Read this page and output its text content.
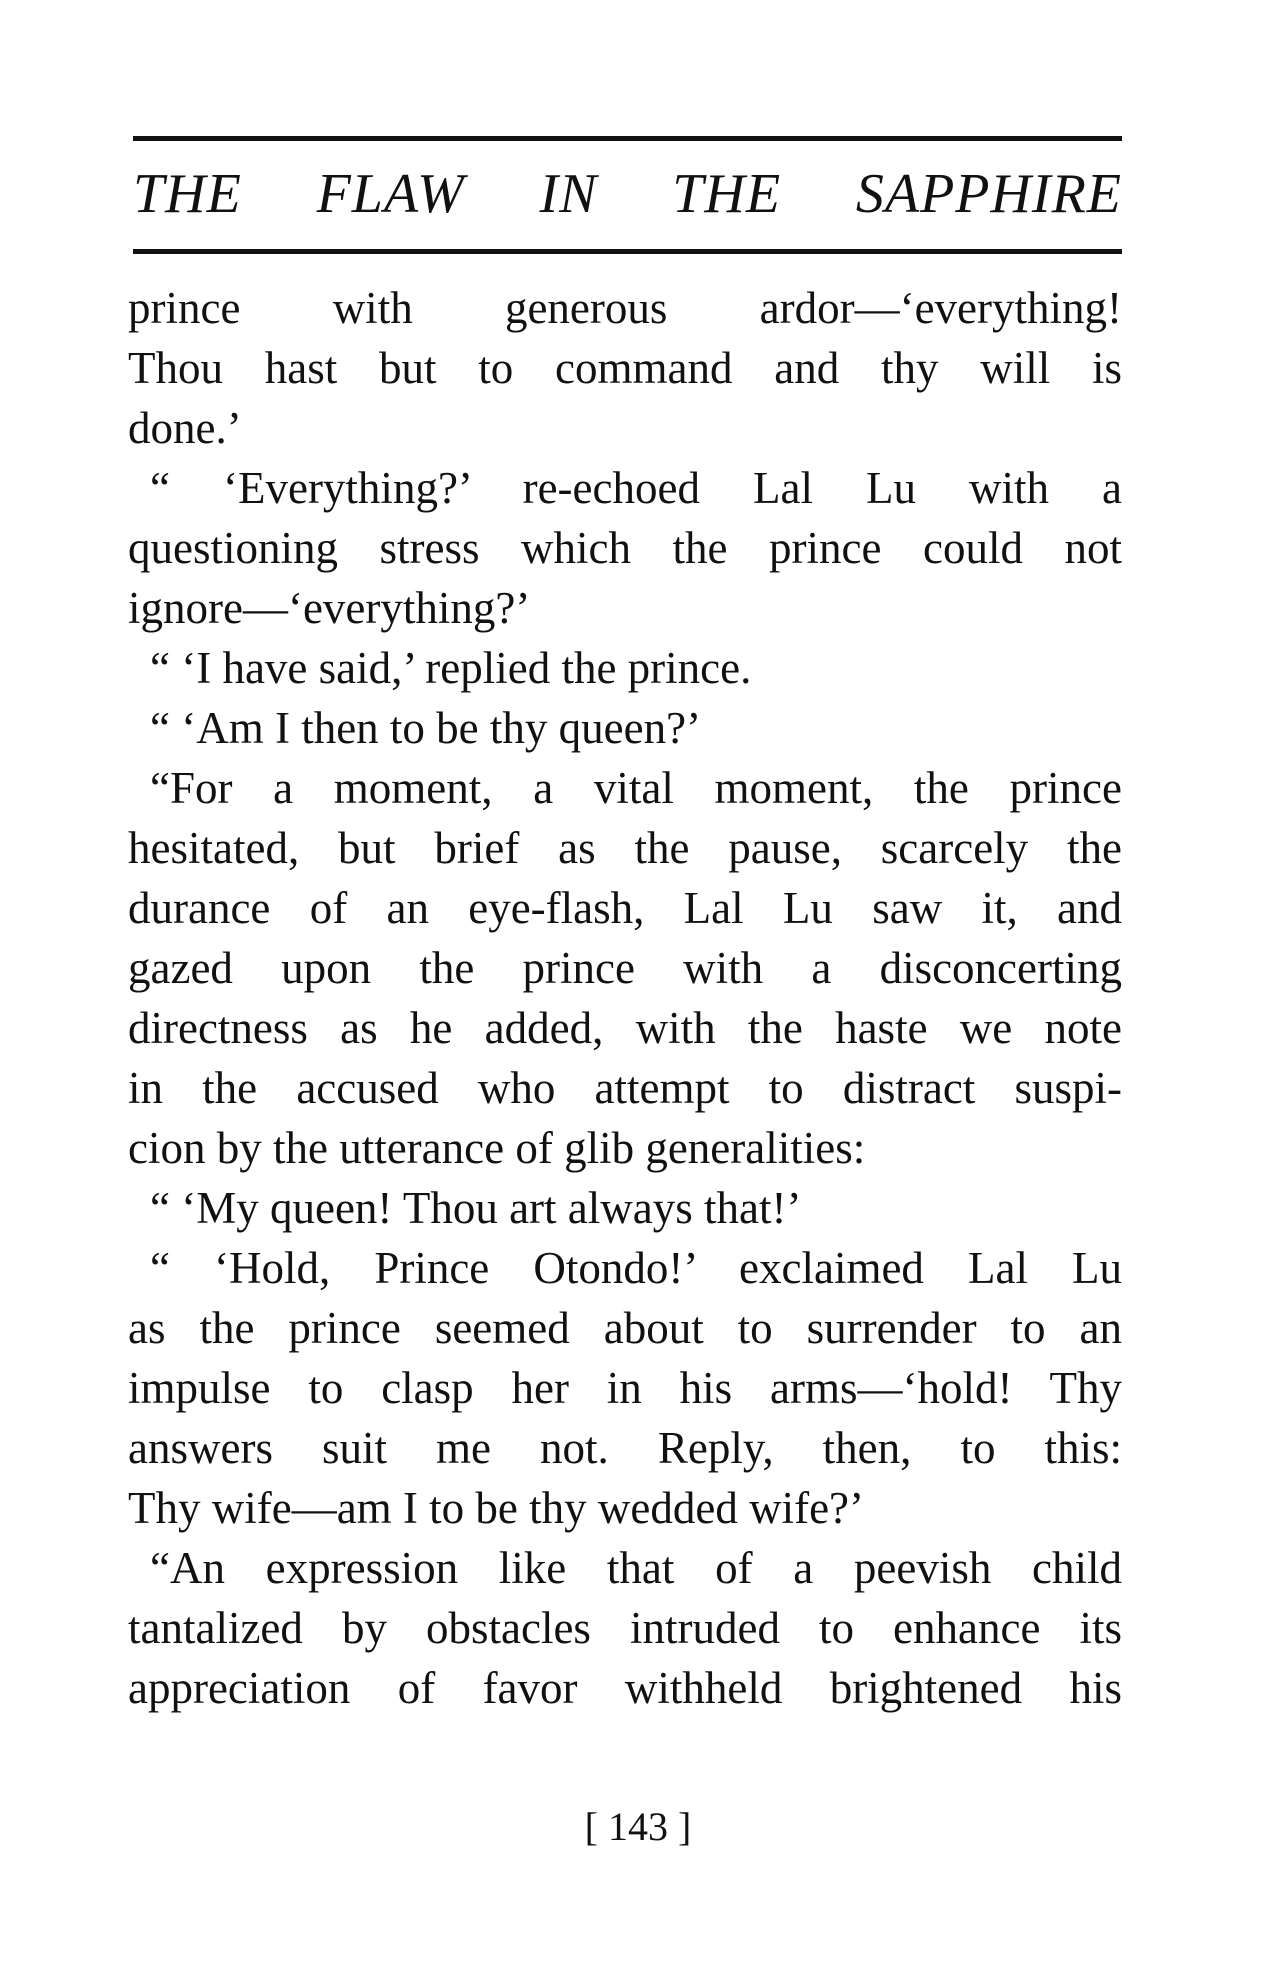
THE FLAW IN THE SAPPHIRE
prince with generous ardor—‘everything!
Thou hast but to command and thy will is
done.’
“ ‘Everything?’ re-echoed Lal Lu with a
questioning stress which the prince could not
ignore—‘everything?’
“ ‘I have said,’ replied the prince.
“ ‘Am I then to be thy queen?’
“For a moment, a vital moment, the prince
hesitated, but brief as the pause, scarcely the
durance of an eye-flash, Lal Lu saw it, and
gazed upon the prince with a disconcerting
directness as he added, with the haste we note
in the accused who attempt to distract suspi-
cion by the utterance of glib generalities:
“ ‘My queen! Thou art always that!’
“ ‘Hold, Prince Otondo!’ exclaimed Lal Lu
as the prince seemed about to surrender to an
impulse to clasp her in his arms—‘hold! Thy
answers suit me not. Reply, then, to this:
Thy wife—am I to be thy wedded wife?’
“An expression like that of a peevish child
tantalized by obstacles intruded to enhance its
appreciation of favor withheld brightened his
[ 143 ]
